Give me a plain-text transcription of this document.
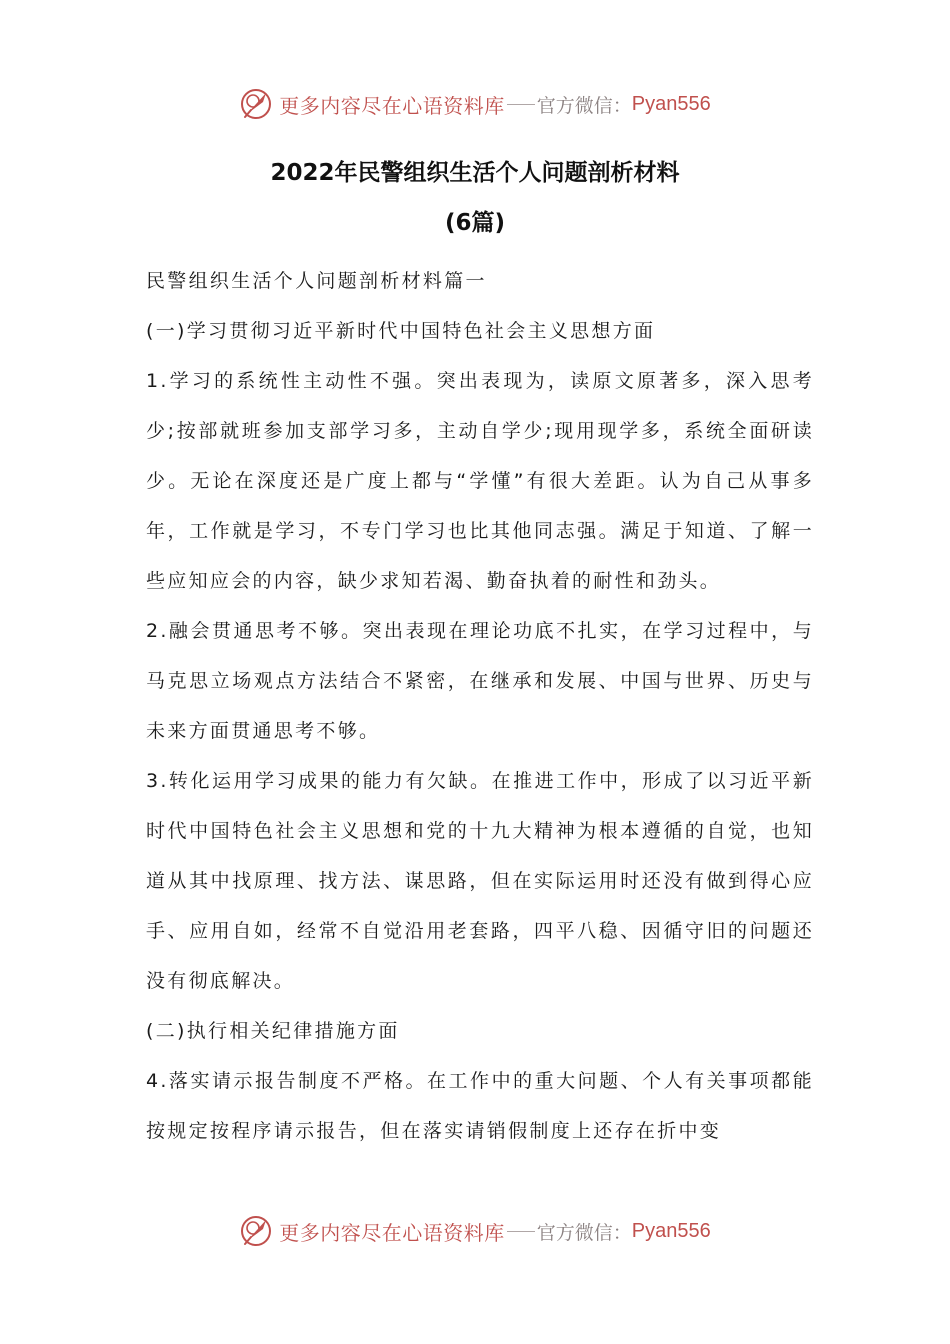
更多内容尽在心语资料库 官方微信： Pyan556
2022年民警组织生活个人问题剖析材料
(6篇)

民警组织生活个人问题剖析材料篇一

(一)学习贯彻习近平新时代中国特色社会主义思想方面

1.学习的系统性主动性不强。突出表现为，读原文原著多，深入思考少;按部就班参加支部学习多，主动自学少;现用现学多，系统全面研读少。无论在深度还是广度上都与“学懂”有很大差距。认为自己从事多年，工作就是学习，不专门学习也比其他同志强。满足于知道、了解一些应知应会的内容，缺少求知若渴、勤奋执着的耐性和劲头。

2.融会贯通思考不够。突出表现在理论功底不扎实，在学习过程中，与马克思立场观点方法结合不紧密，在继承和发展、中国与世界、历史与未来方面贯通思考不够。

3.转化运用学习成果的能力有欠缺。在推进工作中，形成了以习近平新时代中国特色社会主义思想和党的十九大精神为根本遵循的自觉，也知道从其中找原理、找方法、谋思路，但在实际运用时还没有做到得心应手、应用自如，经常不自觉沿用老套路，四平八稳、因循守旧的问题还没有彻底解决。

(二)执行相关纪律措施方面

4.落实请示报告制度不严格。在工作中的重大问题、个人有关事项都能按规定按程序请示报告，但在落实请销假制度上还存在折中变

更多内容尽在心语资料库 官方微信： Pyan556
